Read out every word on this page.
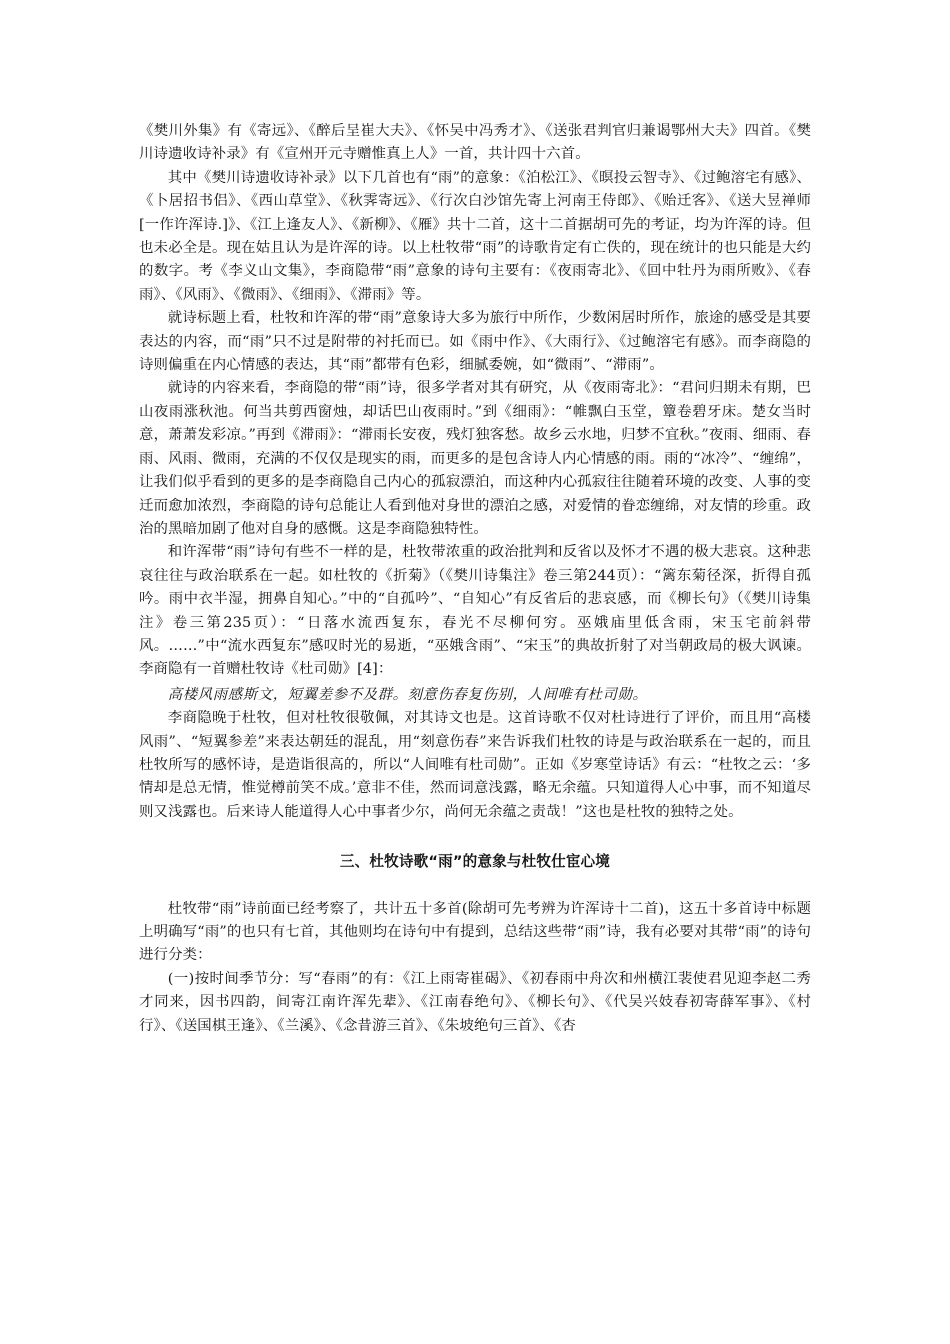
《樊川外集》有《寄远》、《醉后呈崔大夫》、《怀吴中冯秀才》、《送张君判官归兼谒鄂州大夫》四首。《樊川诗遗收诗补录》有《宣州开元寺赠惟真上人》一首，共计四十六首。

其中《樊川诗遗收诗补录》以下几首也有“雨”的意象：《泊松江》、《暝投云智寺》、《过鲍溶宅有感》、《卜居招书侣》、《西山草堂》、《秋霁寄远》、《行次白沙馆先寄上河南王侍郎》、《贻迁客》、《送大昱禅师　[一作许浑诗.]》、《江上逢友人》、《新柳》、《雁》共十二首，这十二首据胡可先的考证，均为许浑的诗。但也未必全是。现在姑且认为是许浑的诗。以上杜牧带“雨”的诗歌肯定有亡佚的，现在统计的也只能是大约的数字。考《李义山文集》，李商隐带“雨”意象的诗句主要有：《夜雨寄北》、《回中牡丹为雨所败》、《春雨》、《风雨》、《微雨》、《细雨》、《滞雨》等。

就诗标题上看，杜牧和许浑的带“雨”意象诗大多为旅行中所作，少数闲居时所作，旅途的感受是其要表达的内容，而“雨”只不过是附带的衬托而已。如《雨中作》、《大雨行》、《过鲍溶宅有感》。而李商隐的诗则偏重在内心情感的表达，其“雨”都带有色彩，细腻委婉，如“微雨”、“滞雨”。

就诗的内容来看，李商隐的带“雨”诗，很多学者对其有研究，从《夜雨寄北》：“君问归期未有期，巴山夜雨涨秋池。何当共剪西窗烛，却话巴山夜雨时。”到《细雨》：“帷飘白玉堂，簟卷碧牙床。楚女当时意，萧萧发彩凉。”再到《滞雨》：“滞雨长安夜，残灯独客愁。故乡云水地，归梦不宜秋。”夜雨、细雨、春雨、风雨、微雨，充满的不仅仅是现实的雨，而更多的是包含诗人内心情感的雨。雨的“冰冷”、“缠绵”，让我们似乎看到的更多的是李商隐自己内心的孤寂漂泊，而这种内心孤寂往往随着环境的改变、人事的变迁而愈加浓烈，李商隐的诗句总能让人看到他对身世的漂泊之感，对爱情的眷恋缠绵，对友情的珍重。政治的黑暗加剧了他对自身的感慨。这是李商隐独特性。

和许浑带“雨”诗句有些不一样的是，杜牧带浓重的政治批判和反省以及怀才不遇的极大悲哀。这种悲哀往往与政治联系在一起。如杜牧的《折菊》（《樊川诗集注》卷三第244页）：“篱东菊径深，折得自孤吟。雨中衣半湿，拥鼻自知心。”中的“自孤吟”、“自知心”有反省后的悲哀感，而《柳长句》（《樊川诗集注》卷三第235页）：“日落水流西复东，春光不尽柳何穷。巫娥庙里低含雨，宋玉宅前斜带风。……”中“流水西复东”感叹时光的易逝，“巫娥含雨”、“宋玉”的典故折射了对当朝政局的极大讽谏。李商隐有一首赠杜牧诗《杜司勋》[4]：

高楼风雨感斯文，短翼差参不及群。刻意伤春复伤别，人间唯有杜司勋。

李商隐晚于杜牧，但对杜牧很敬佩，对其诗文也是。这首诗歌不仅对杜诗进行了评价，而且用“高楼风雨”、“短翼参差”来表达朝廷的混乱，用“刻意伤春”来告诉我们杜牧的诗是与政治联系在一起的，而且杜牧所写的感怀诗，是造诣很高的，所以“人间唯有杜司勋”。正如《岁寒堂诗话》有云：“杜牧之云：‘多情却是总无情，惟觉樽前笑不成。’意非不佳，然而词意浅露，略无余蕴。只知道得人心中事，而不知道尽则又浅露也。后来诗人能道得人心中事者少尔，尚何无余蕴之责哉！”这也是杜牧的独特之处。

三、杜牧诗歌“雨”的意象与杜牧仕宦心境

杜牧带“雨”诗前面已经考察了，共计五十多首(除胡可先考辨为许浑诗十二首)，这五十多首诗中标题上明确写“雨”的也只有七首，其他则均在诗句中有提到，总结这些带“雨”诗，我有必要对其带“雨”的诗句进行分类：

(一)按时间季节分：写“春雨”的有：《江上雨寄崔碣》、《初春雨中舟次和州横江裴使君见迎李赵二秀才同来，因书四韵，间寄江南许浑先辈》、《江南春绝句》、《柳长句》、《代吴兴妓春初寄薛军事》、《村行》、《送国棋王逢》、《兰溪》、《念昔游三首》、《朱坡绝句三首》、《杏
